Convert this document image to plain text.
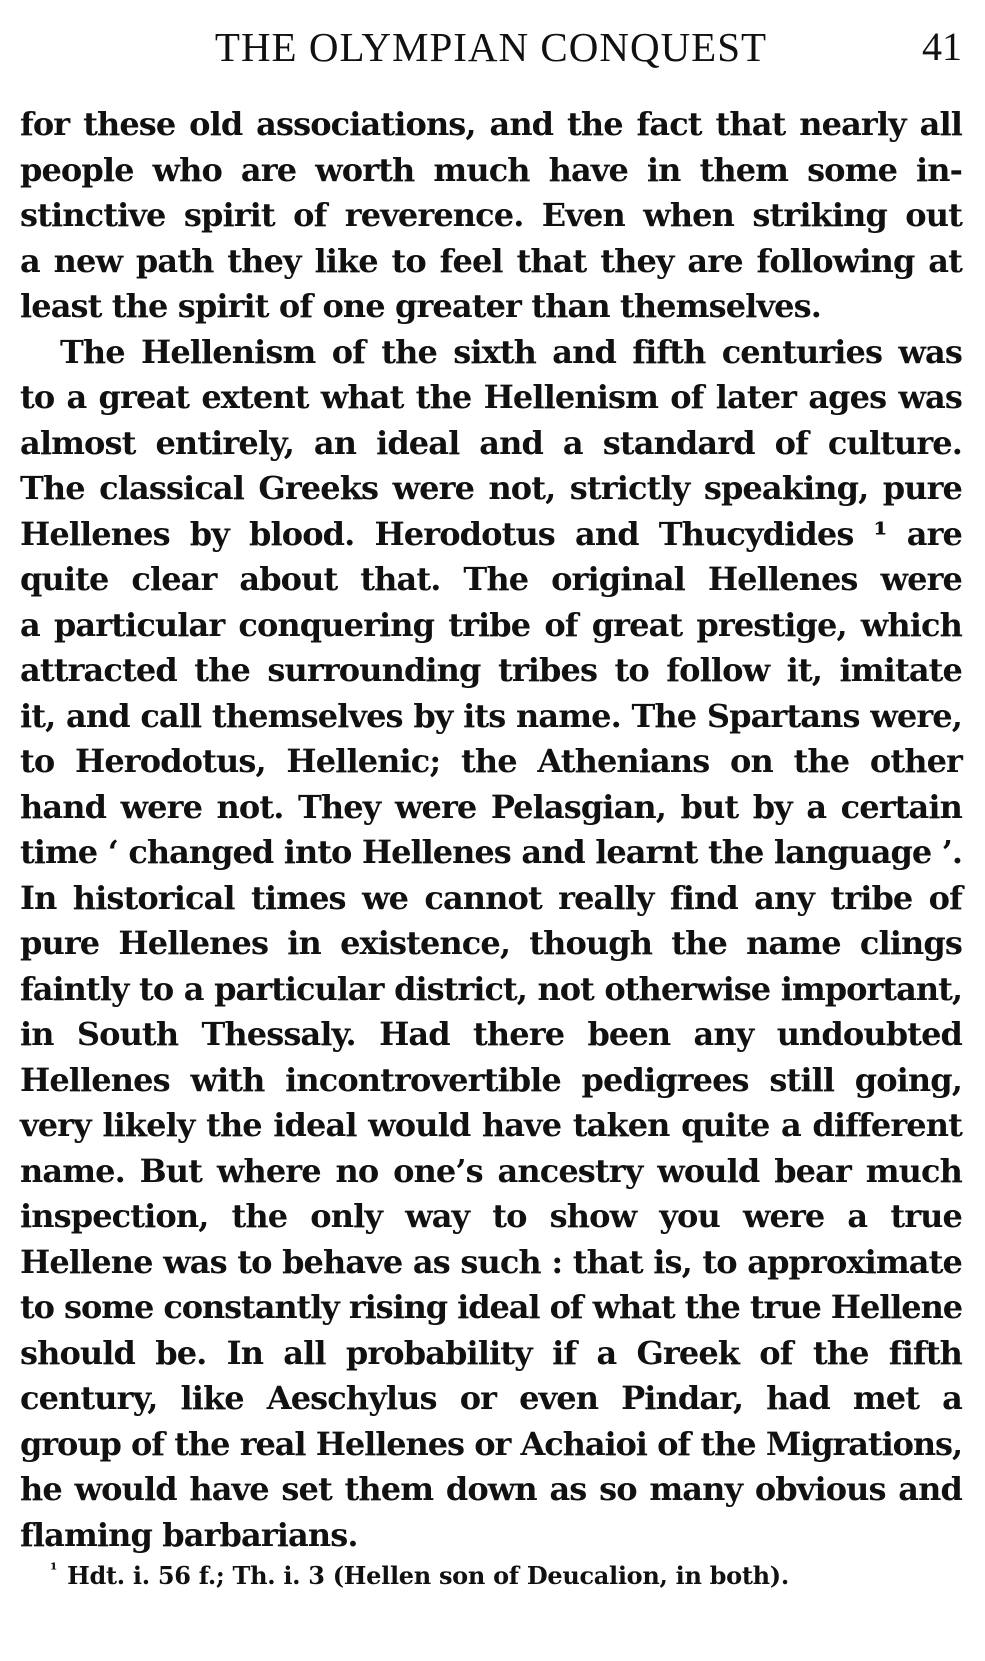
THE OLYMPIAN CONQUEST	41
for these old associations, and the fact that nearly all
people who are worth much have in them some in-
stinctive spirit of reverence. Even when striking out
a new path they like to feel that they are following at
least the spirit of one greater than themselves.
The Hellenism of the sixth and fifth centuries was
to a great extent what the Hellenism of later ages was
almost entirely, an ideal and a standard of culture.
The classical Greeks were not, strictly speaking, pure
Hellenes by blood. Herodotus and Thucydides ¹ are
quite clear about that. The original Hellenes were
a particular conquering tribe of great prestige, which
attracted the surrounding tribes to follow it, imitate
it, and call themselves by its name. The Spartans were,
to Herodotus, Hellenic; the Athenians on the other
hand were not. They were Pelasgian, but by a certain
time ‘ changed into Hellenes and learnt the language ’.
In historical times we cannot really find any tribe of
pure Hellenes in existence, though the name clings
faintly to a particular district, not otherwise important,
in South Thessaly. Had there been any undoubted
Hellenes with incontrovertible pedigrees still going,
very likely the ideal would have taken quite a different
name. But where no one’s ancestry would bear much
inspection, the only way to show you were a true
Hellene was to behave as such : that is, to approximate
to some constantly rising ideal of what the true Hellene
should be. In all probability if a Greek of the fifth
century, like Aeschylus or even Pindar, had met a
group of the real Hellenes or Achaioi of the Migrations,
he would have set them down as so many obvious and
flaming barbarians.
$^{^1}$ Hdt. i. 56 f.; Th. i. 3 (Hellen son of Deucalion, in both).
